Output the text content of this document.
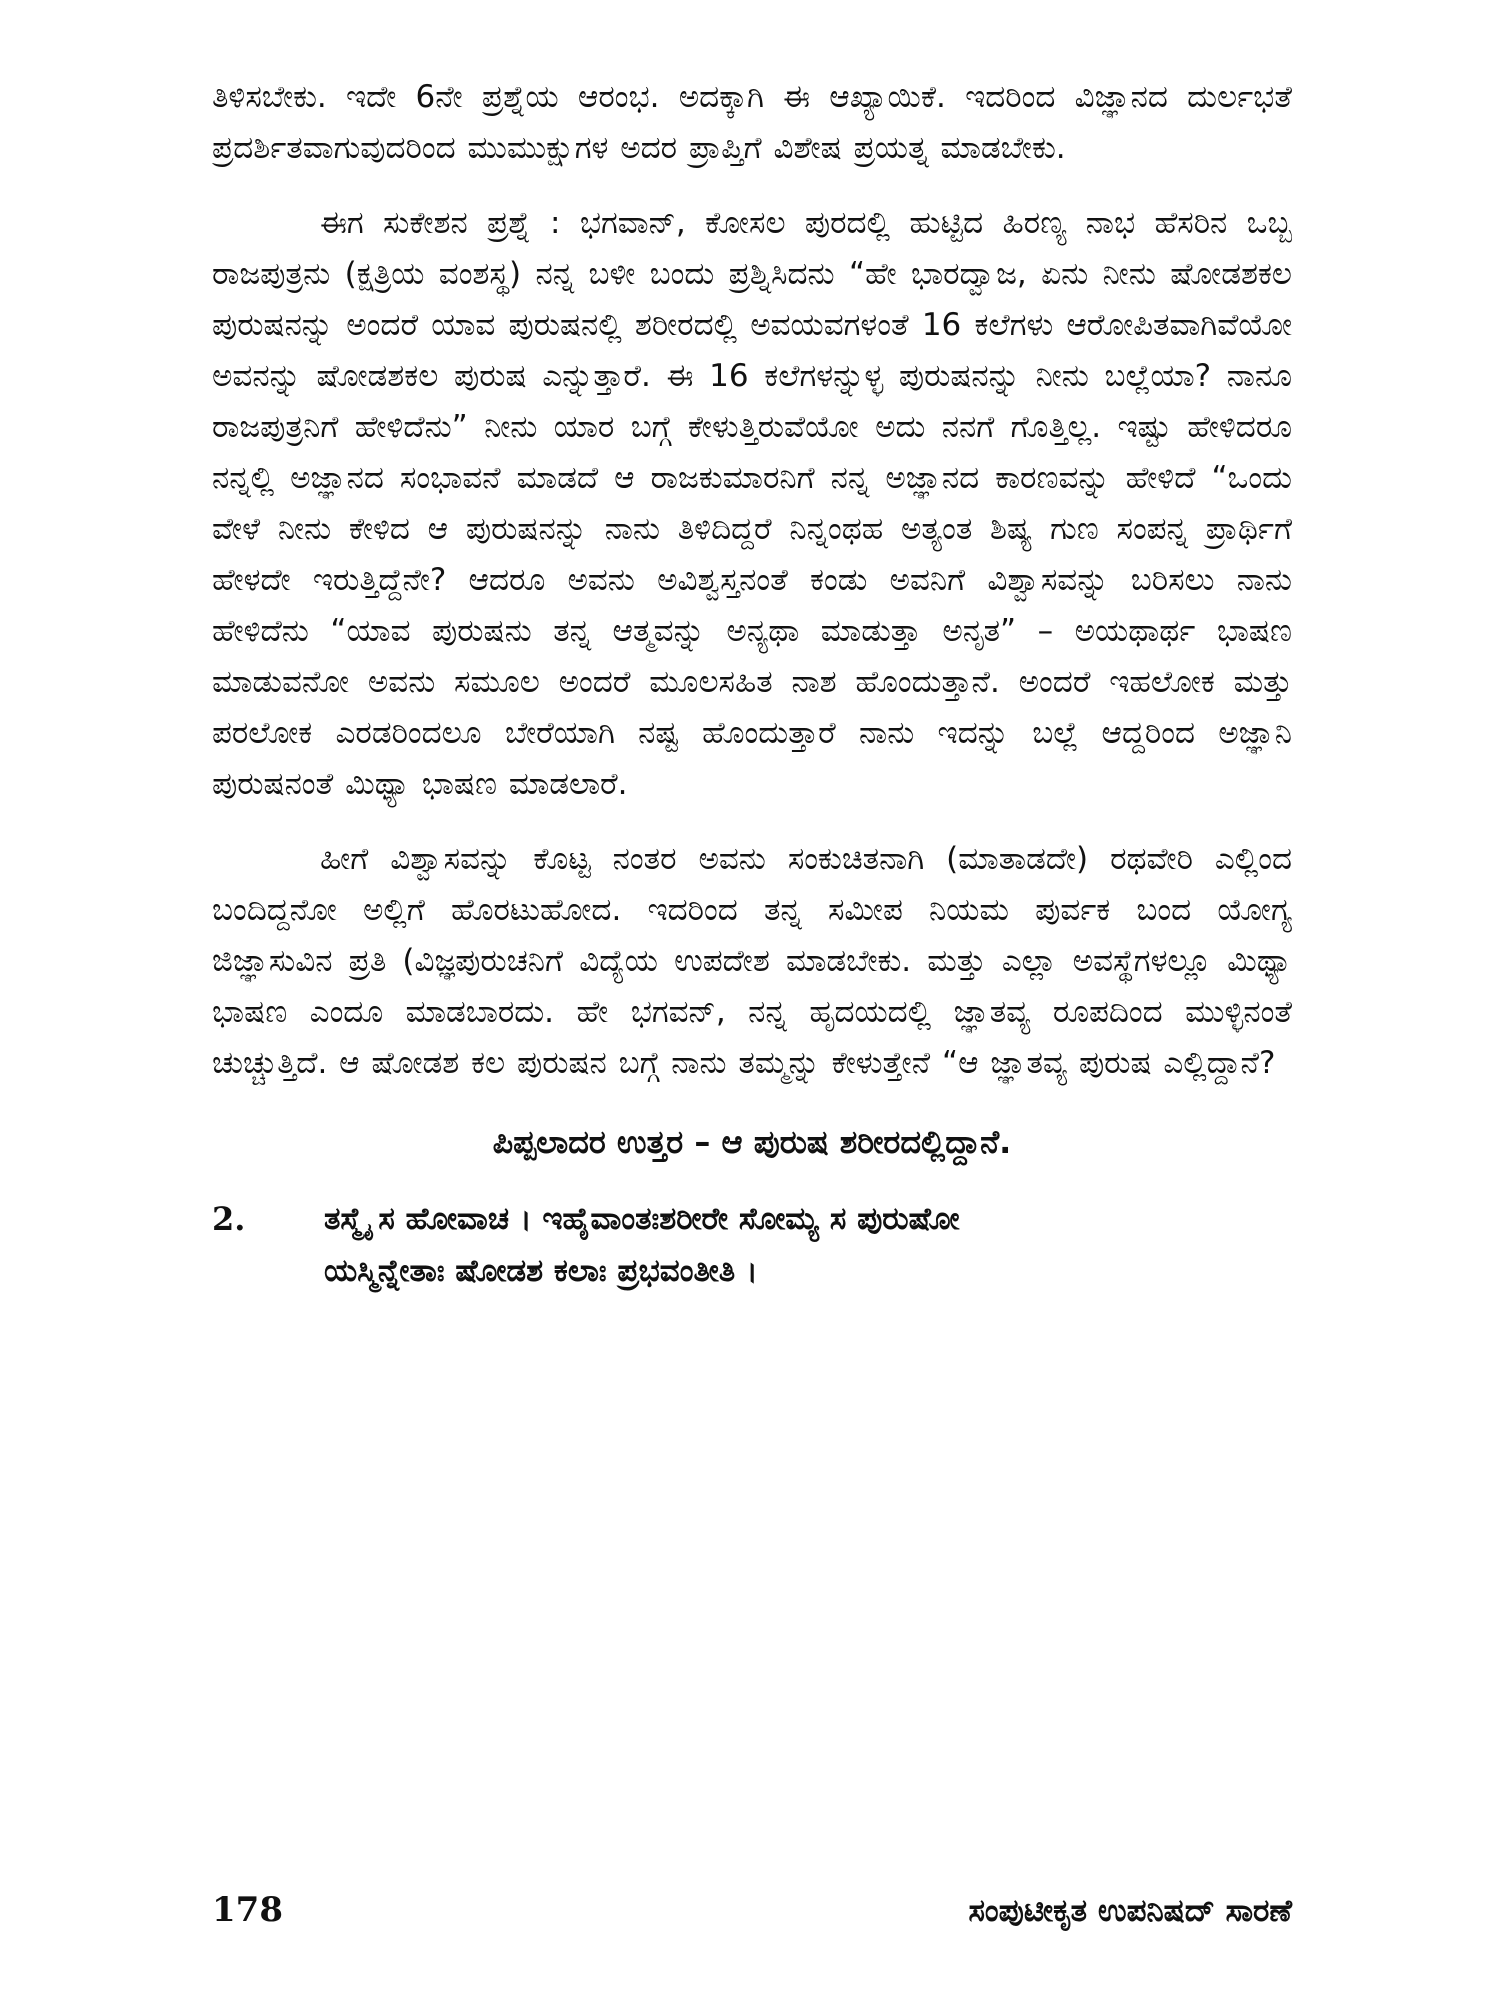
ತಿಳಿಸಬೇಕು. ಇದೇ 6ನೇ ಪ್ರಶ್ನೆಯ ಆರಂಭ. ಅದಕ್ಕಾಗಿ ಈ ಆಖ್ಯಾಯಿಕೆ. ಇದರಿಂದ ವಿಜ್ಞಾನದ ದುರ್ಲಭತೆ ಪ್ರದರ್ಶಿತವಾಗುವುದರಿಂದ ಮುಮುಕ್ಷುಗಳ ಅದರ ಪ್ರಾಪ್ತಿಗೆ ವಿಶೇಷ ಪ್ರಯತ್ನ ಮಾಡಬೇಕು.

ಈಗ ಸುಕೇಶನ ಪ್ರಶ್ನೆ : ಭಗವಾನ್, ಕೋಸಲ ಪುರದಲ್ಲಿ ಹುಟ್ಟಿದ ಹಿರಣ್ಯ ನಾಭ ಹೆಸರಿನ ಒಬ್ಬ ರಾಜಪುತ್ರನು (ಕ್ಷತ್ರಿಯ ವಂಶಸ್ಥ) ನನ್ನ ಬಳೀ ಬಂದು ಪ್ರಶ್ನಿಸಿದನು “ಹೇ ಭಾರದ್ವಾಜ, ಏನು ನೀನು ಷೋಡಶಕಲ ಪುರುಷನನ್ನು ಅಂದರೆ ಯಾವ ಪುರುಷನಲ್ಲಿ ಶರೀರದಲ್ಲಿ ಅವಯವಗಳಂತೆ 16 ಕಲೆಗಳು ಆರೋಪಿತವಾಗಿವೆಯೋ ಅವನನ್ನು ಷೋಡಶಕಲ ಪುರುಷ ಎನ್ನುತ್ತಾರೆ. ಈ 16 ಕಲೆಗಳನ್ನುಳ್ಳ ಪುರುಷನನ್ನು ನೀನು ಬಲ್ಲೆಯಾ? ನಾನೂ ರಾಜಪುತ್ರನಿಗೆ ಹೇಳಿದೆನು” ನೀನು ಯಾರ ಬಗ್ಗೆ ಕೇಳುತ್ತಿರುವೆಯೋ ಅದು ನನಗೆ ಗೊತ್ತಿಲ್ಲ. ಇಷ್ಟು ಹೇಳಿದರೂ ನನ್ನಲ್ಲಿ ಅಜ್ಞಾನದ ಸಂಭಾವನೆ ಮಾಡದೆ ಆ ರಾಜಕುಮಾರನಿಗೆ ನನ್ನ ಅಜ್ಞಾನದ ಕಾರಣವನ್ನು ಹೇಳಿದೆ “ಒಂದು ವೇಳೆ ನೀನು ಕೇಳಿದ ಆ ಪುರುಷನನ್ನು ನಾನು ತಿಳಿದಿದ್ದರೆ ನಿನ್ನಂಥಹ ಅತ್ಯಂತ ಶಿಷ್ಯ ಗುಣ ಸಂಪನ್ನ ಪ್ರಾರ್ಥಿಗೆ ಹೇಳದೇ ಇರುತ್ತಿದ್ದೆನೇ? ಆದರೂ ಅವನು ಅವಿಶ್ವಸ್ತನಂತೆ ಕಂಡು ಅವನಿಗೆ ವಿಶ್ವಾಸವನ್ನು ಬರಿಸಲು ನಾನು ಹೇಳಿದೆನು “ಯಾವ ಪುರುಷನು ತನ್ನ ಆತ್ಮವನ್ನು ಅನ್ಯಥಾ ಮಾಡುತ್ತಾ ಅನೃತ” – ಅಯಥಾರ್ಥ ಭಾಷಣ ಮಾಡುವನೋ ಅವನು ಸಮೂಲ ಅಂದರೆ ಮೂಲಸಹಿತ ನಾಶ ಹೊಂದುತ್ತಾನೆ. ಅಂದರೆ ಇಹಲೋಕ ಮತ್ತು ಪರಲೋಕ ಎರಡರಿಂದಲೂ ಬೇರೆಯಾಗಿ ನಷ್ಟ ಹೊಂದುತ್ತಾರೆ ನಾನು ಇದನ್ನು ಬಲ್ಲೆ ಆದ್ದರಿಂದ ಅಜ್ಞಾನಿ ಪುರುಷನಂತೆ ಮಿಥ್ಯಾ ಭಾಷಣ ಮಾಡಲಾರೆ.

ಹೀಗೆ ವಿಶ್ವಾಸವನ್ನು ಕೊಟ್ಟ ನಂತರ ಅವನು ಸಂಕುಚಿತನಾಗಿ (ಮಾತಾಡದೇ) ರಥವೇರಿ ಎಲ್ಲಿಂದ ಬಂದಿದ್ದನೋ ಅಲ್ಲಿಗೆ ಹೊರಟುಹೋದ. ಇದರಿಂದ ತನ್ನ ಸಮೀಪ ನಿಯಮ ಪುರ್ವಕ ಬಂದ ಯೋಗ್ಯ ಜಿಜ್ಞಾಸುವಿನ ಪ್ರತಿ (ವಿಜ್ಞಪುರುಚನಿಗೆ ವಿದ್ಯೆಯ ಉಪದೇಶ ಮಾಡಬೇಕು. ಮತ್ತು ಎಲ್ಲಾ ಅವಸ್ಥೆಗಳಲ್ಲೂ ಮಿಥ್ಯಾ ಭಾಷಣ ಎಂದೂ ಮಾಡಬಾರದು. ಹೇ ಭಗವನ್, ನನ್ನ ಹೃದಯದಲ್ಲಿ ಜ್ಞಾತವ್ಯ ರೂಪದಿಂದ ಮುಳ್ಳಿನಂತೆ ಚುಚ್ಚುತ್ತಿದೆ. ಆ ಷೋಡಶ ಕಲ ಪುರುಷನ ಬಗ್ಗೆ ನಾನು ತಮ್ಮನ್ನು ಕೇಳುತ್ತೇನೆ “ಆ ಜ್ಞಾತವ್ಯ ಪುರುಷ ಎಲ್ಲಿದ್ದಾನೆ?

ಪಿಪ್ಪಲಾದರ ಉತ್ತರ – ಆ ಪುರುಷ ಶರೀರದಲ್ಲಿದ್ದಾನೆ.
2.	ತಸ್ಮೈ ಸ ಹೋವಾಚ । ಇಹೈವಾಂತಃಶರೀರೇ ಸೋಮ್ಯ ಸ ಪುರುಷೋ
ಯಸ್ಮಿನ್ನೇತಾಃ ಷೋಡಶ ಕಲಾಃ ಪ್ರಭವಂತೀತಿ ।
178	ಸಂಪುಟೀಕೃತ ಉಪನಿಷದ್ ಸಾರಣೆ
